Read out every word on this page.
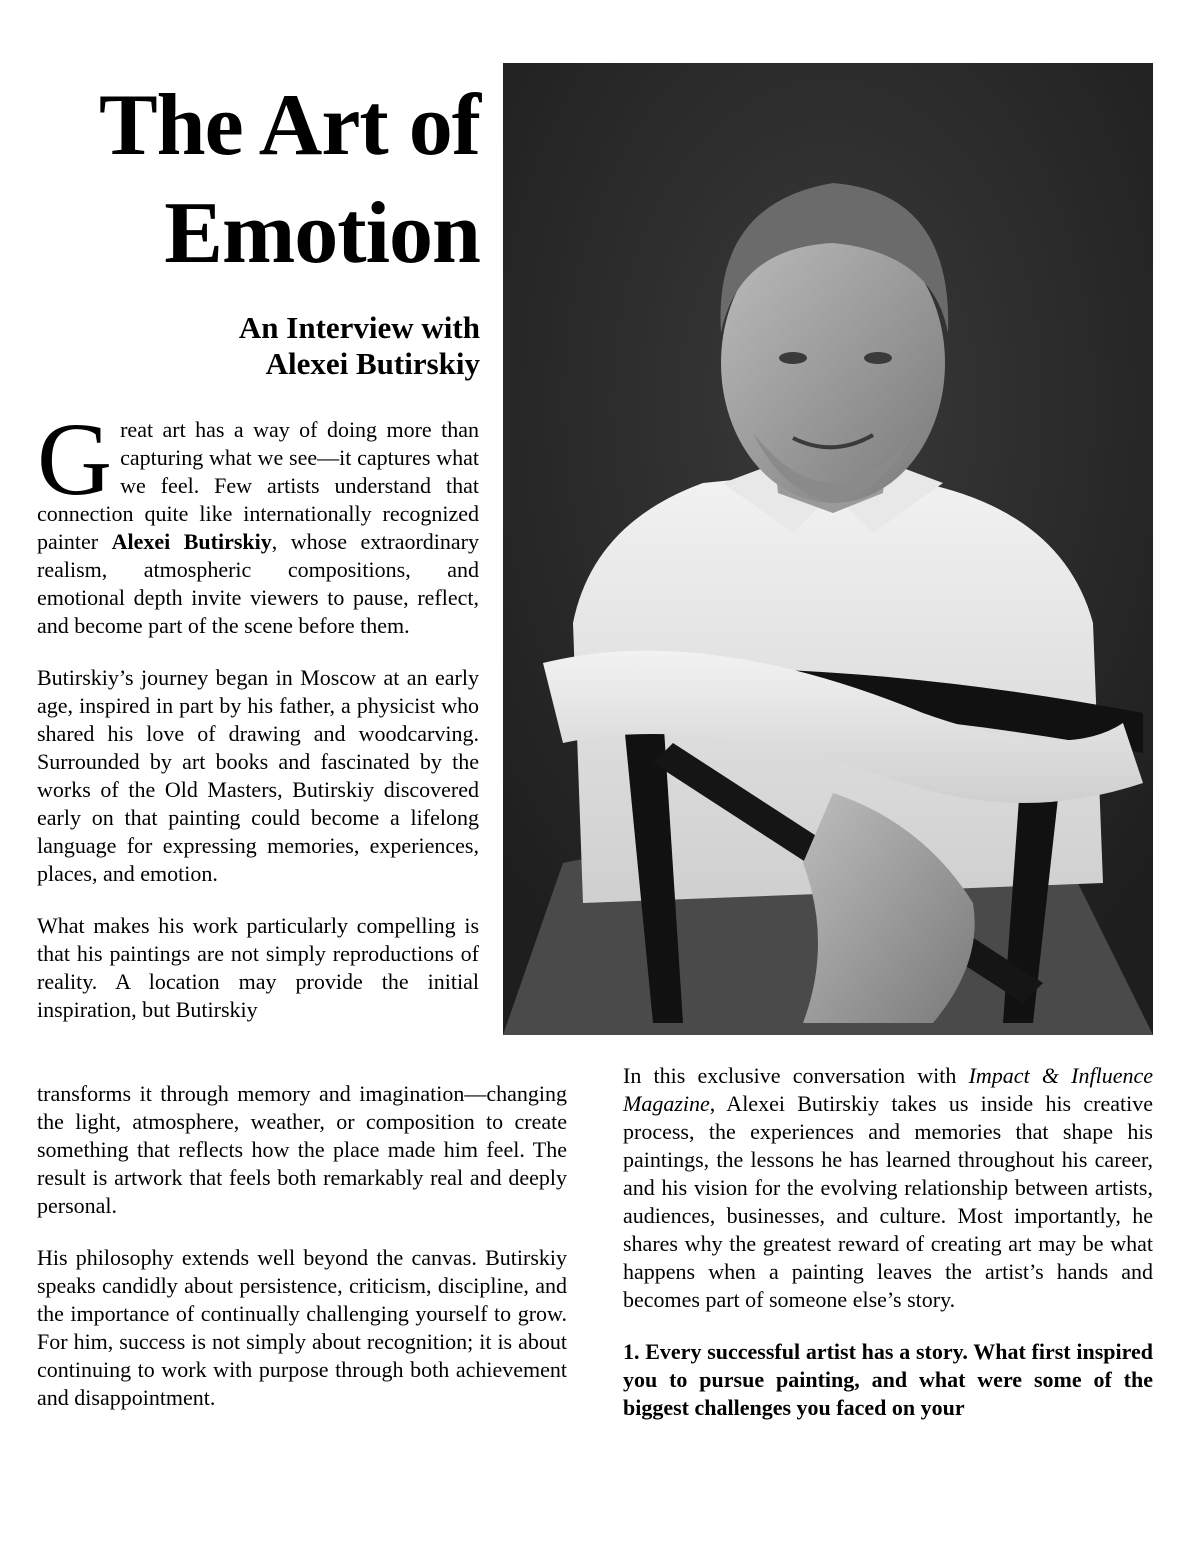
The Art of
Emotion
An Interview with
Alexei Butirskiy

Great art has a way of doing more than capturing what we see—it captures what we feel. Few artists understand that connection quite like internationally recognized painter Alexei Butirskiy, whose extraordinary realism, atmospheric compositions, and emotional depth invite viewers to pause, reflect, and become part of the scene before them.

Butirskiy’s journey began in Moscow at an early age, inspired in part by his father, a physicist who shared his love of drawing and woodcarving. Surrounded by art books and fascinated by the works of the Old Masters, Butirskiy discovered early on that painting could become a lifelong language for expressing memories, experiences, places, and emotion.

What makes his work particularly compelling is that his paintings are not simply reproductions of reality. A location may provide the initial inspiration, but Butirskiy

transforms it through memory and imagination—changing the light, atmosphere, weather, or composition to create something that reflects how the place made him feel. The result is artwork that feels both remarkably real and deeply personal.

His philosophy extends well beyond the canvas. Butirskiy speaks candidly about persistence, criticism, discipline, and the importance of continually challenging yourself to grow. For him, success is not simply about recognition; it is about continuing to work with purpose through both achievement and disappointment.

In this exclusive conversation with Impact & Influence Magazine, Alexei Butirskiy takes us inside his creative process, the experiences and memories that shape his paintings, the lessons he has learned throughout his career, and his vision for the evolving relationship between artists, audiences, businesses, and culture. Most importantly, he shares why the greatest reward of creating art may be what happens when a painting leaves the artist’s hands and becomes part of someone else’s story.

1. Every successful artist has a story. What first inspired you to pursue painting, and what were some of the biggest challenges you faced on your
